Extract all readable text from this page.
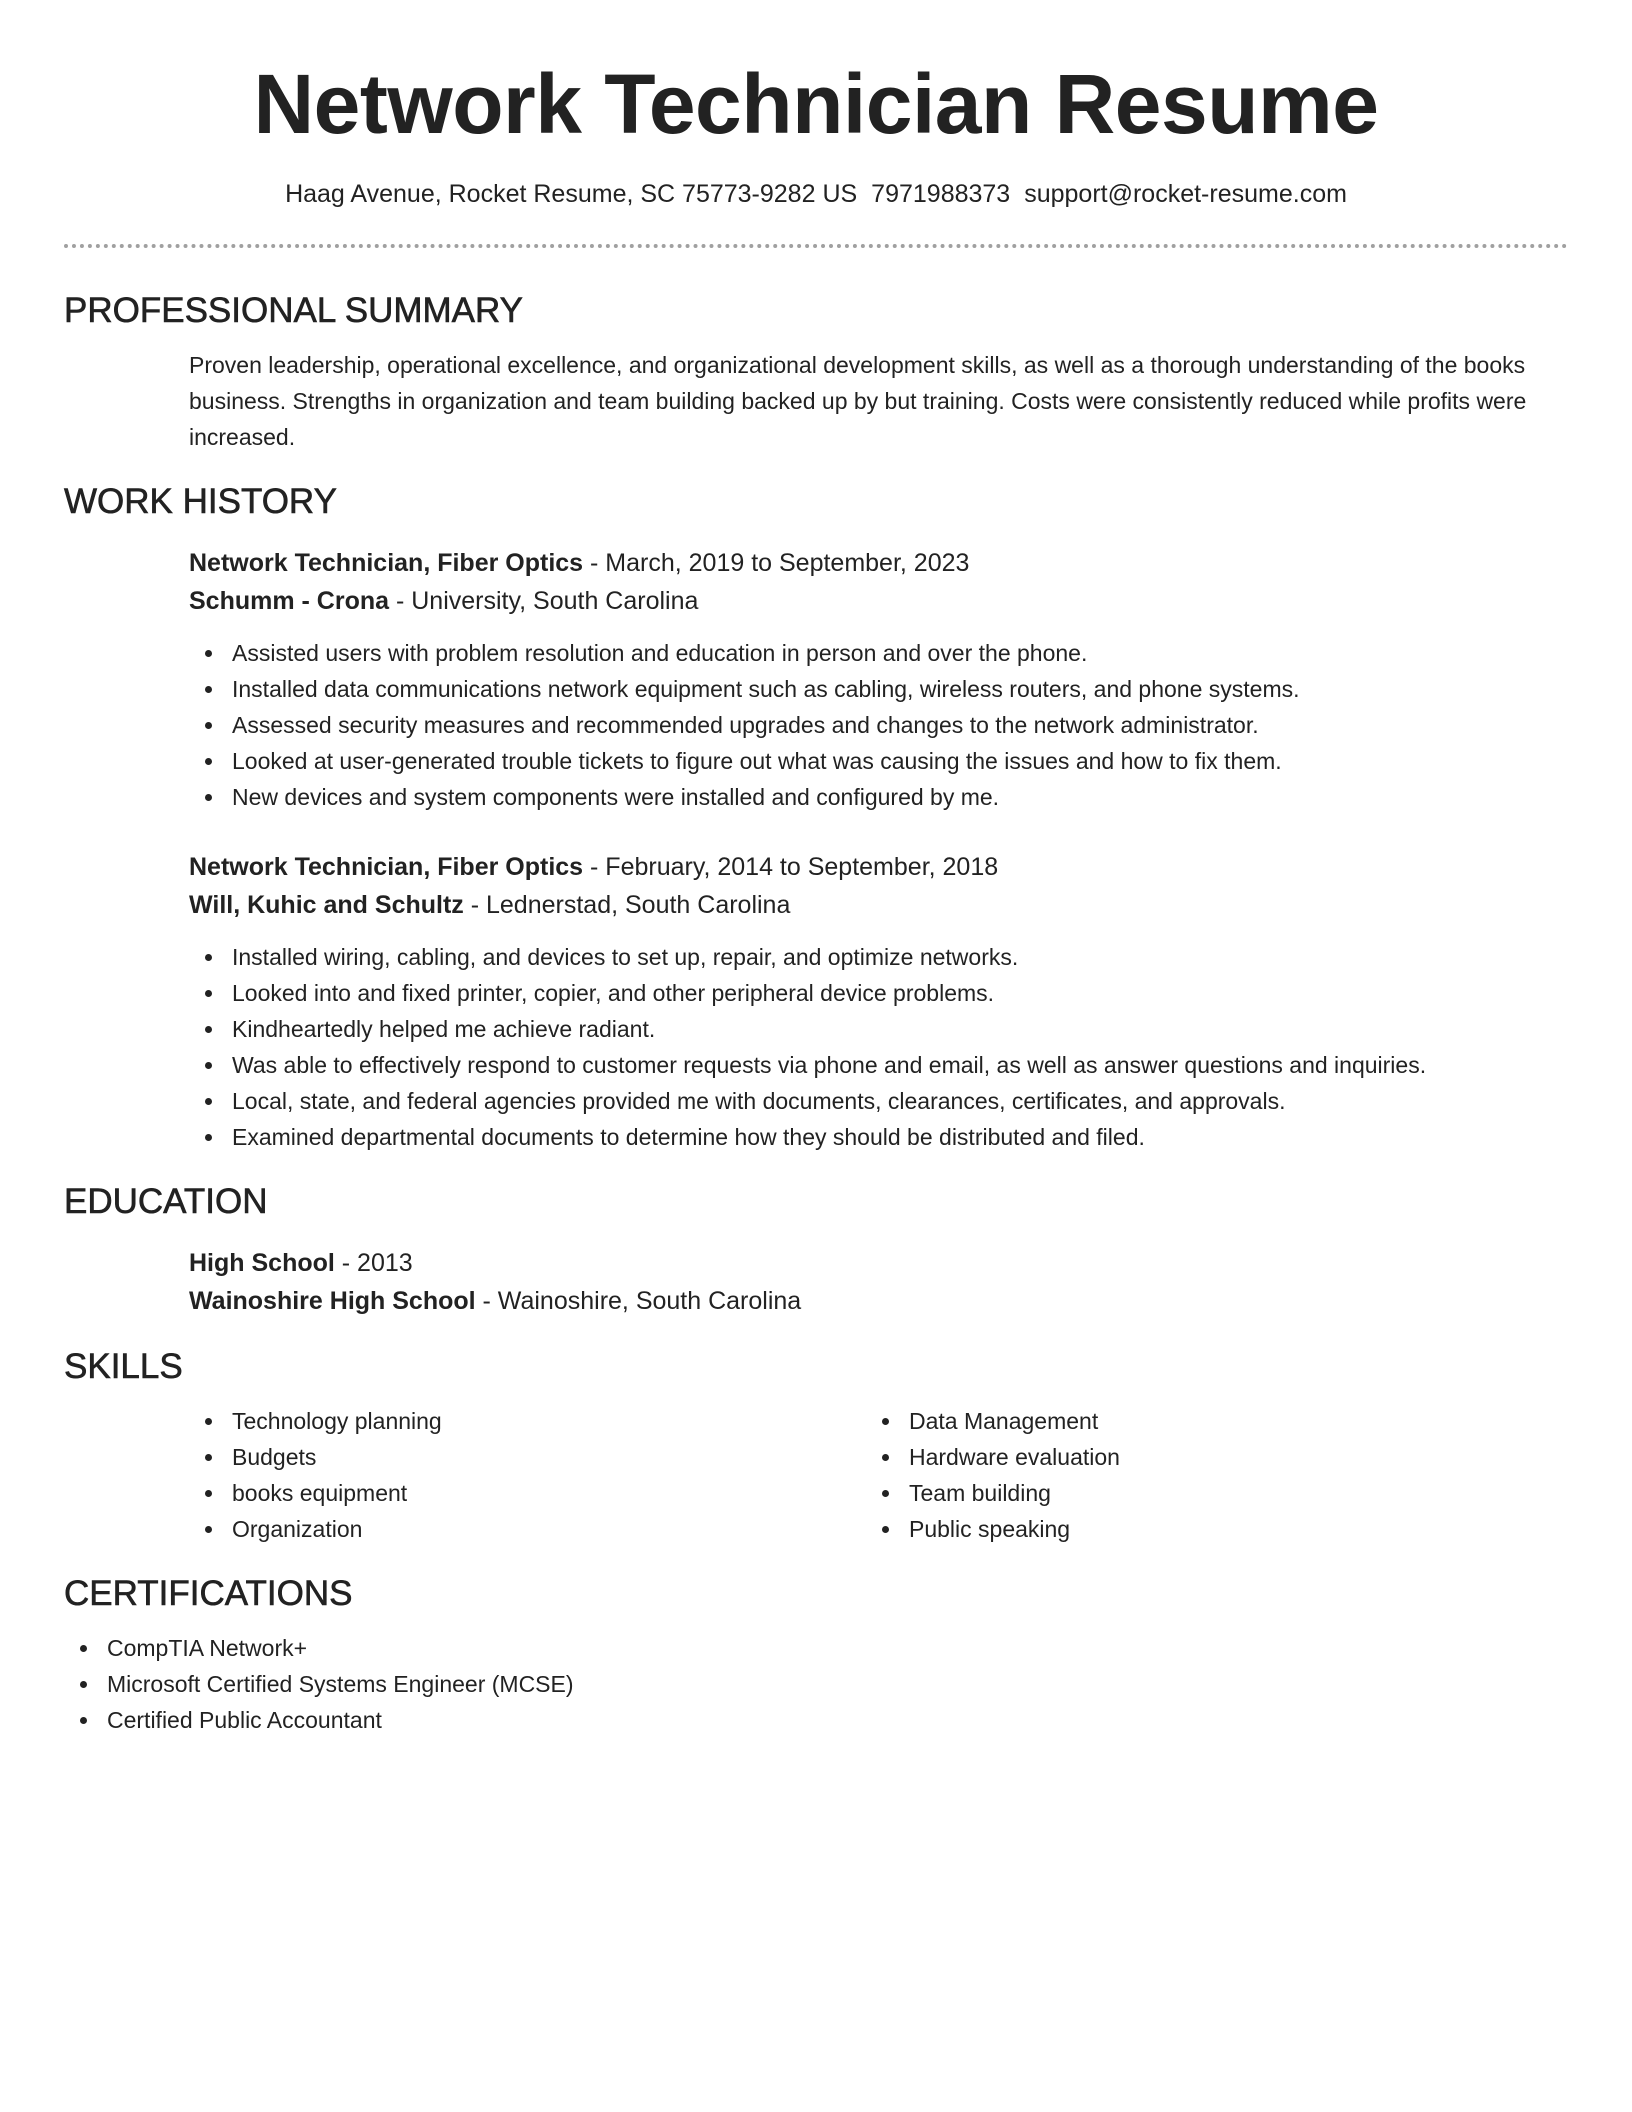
Network Technician Resume
Haag Avenue, Rocket Resume, SC 75773-9282 US 7971988373 support@rocket-resume.com
PROFESSIONAL SUMMARY
Proven leadership, operational excellence, and organizational development skills, as well as a thorough understanding of the books business. Strengths in organization and team building backed up by but training. Costs were consistently reduced while profits were increased.
WORK HISTORY
Network Technician, Fiber Optics - March, 2019 to September, 2023
Schumm - Crona - University, South Carolina
Assisted users with problem resolution and education in person and over the phone.
Installed data communications network equipment such as cabling, wireless routers, and phone systems.
Assessed security measures and recommended upgrades and changes to the network administrator.
Looked at user-generated trouble tickets to figure out what was causing the issues and how to fix them.
New devices and system components were installed and configured by me.
Network Technician, Fiber Optics - February, 2014 to September, 2018
Will, Kuhic and Schultz - Lednerstad, South Carolina
Installed wiring, cabling, and devices to set up, repair, and optimize networks.
Looked into and fixed printer, copier, and other peripheral device problems.
Kindheartedly helped me achieve radiant.
Was able to effectively respond to customer requests via phone and email, as well as answer questions and inquiries.
Local, state, and federal agencies provided me with documents, clearances, certificates, and approvals.
Examined departmental documents to determine how they should be distributed and filed.
EDUCATION
High School - 2013
Wainoshire High School - Wainoshire, South Carolina
SKILLS
Technology planning
Budgets
books equipment
Organization
Data Management
Hardware evaluation
Team building
Public speaking
CERTIFICATIONS
CompTIA Network+
Microsoft Certified Systems Engineer (MCSE)
Certified Public Accountant
